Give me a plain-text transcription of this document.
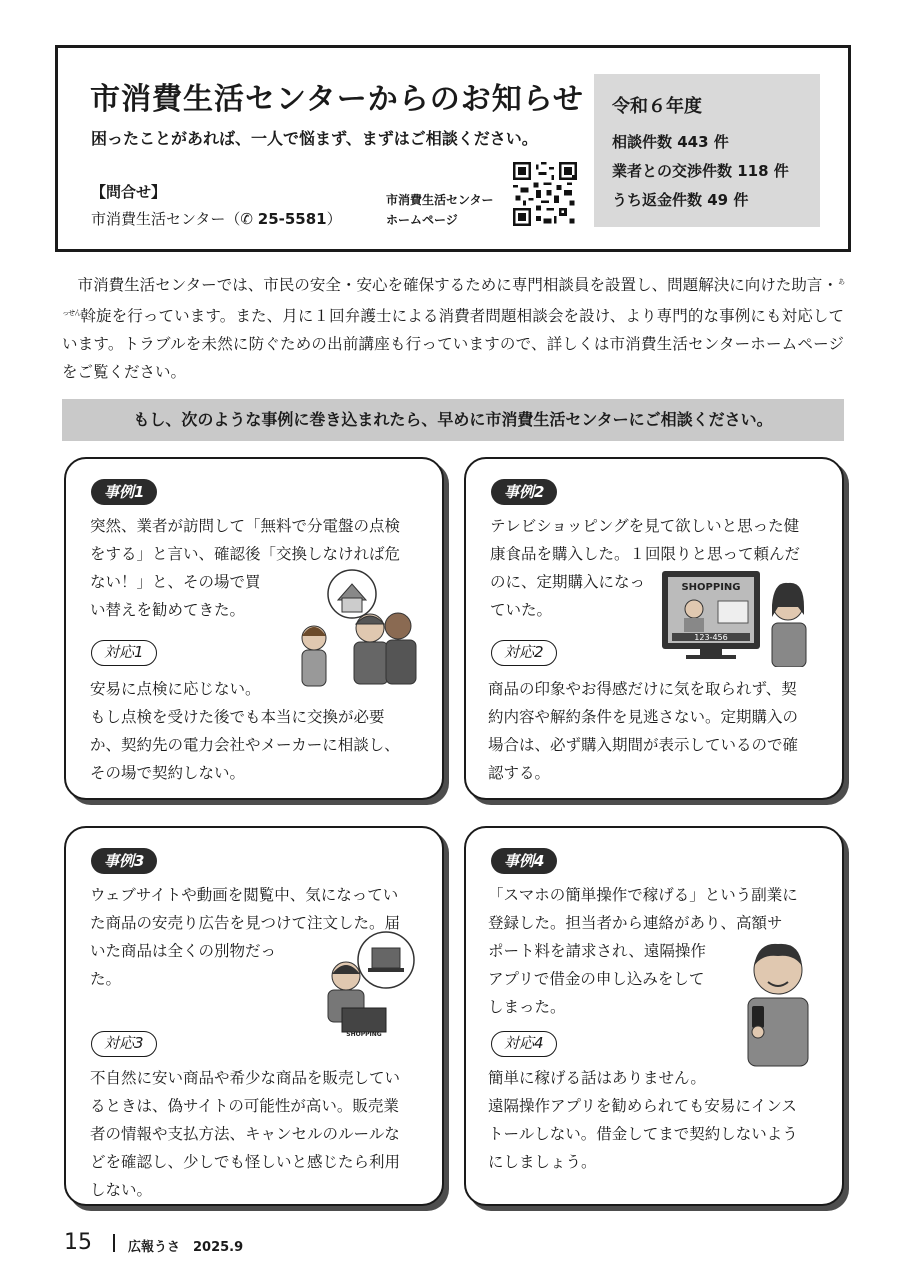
市消費生活センターからのお知らせ
困ったことがあれば、一人で悩まず、まずはご相談ください。
【問合せ】
市消費生活センター（✆ 25-5581）
市消費生活センター
ホームページ
令和６年度
相談件数 443 件
業者との交渉件数 118 件
うち返金件数 49 件
　市消費生活センターでは、市民の安全・安心を確保するために専門相談員を設置し、問題解決に向けた助言・$^{あっせん}$斡旋を行っています。また、月に１回弁護士による消費者問題相談会を設け、より専門的な事例にも対応しています。トラブルを未然に防ぐための出前講座も行っていますので、詳しくは市消費生活センターホームページをご覧ください。
もし、次のような事例に巻き込まれたら、早めに市消費生活センターにご相談ください。
事例1
突然、業者が訪問して「無料で分電盤の点検
をする」と言い、確認後「交換しなければ危
ない！」と、その場で買
い替えを勧めてきた。
対応1
安易に点検に応じない。
もし点検を受けた後でも本当に交換が必要
か、契約先の電力会社やメーカーに相談し、
その場で契約しない。
事例2
テレビショッピングを見て欲しいと思った健
康食品を購入した。１回限りと思って頼んだ
のに、定期購入になっ
ていた。
SHOPPING
123-456
対応2
商品の印象やお得感だけに気を取られず、契
約内容や解約条件を見逃さない。定期購入の
場合は、必ず購入期間が表示しているので確
認する。
事例3
ウェブサイトや動画を閲覧中、気になってい
た商品の安売り広告を見つけて注文した。届
いた商品は全くの別物だっ
た。
SHOPPING
対応3
不自然に安い商品や希少な商品を販売してい
るときは、偽サイトの可能性が高い。販売業
者の情報や支払方法、キャンセルのルールな
どを確認し、少しでも怪しいと感じたら利用
しない。
事例4
「スマホの簡単操作で稼げる」という副業に
登録した。担当者から連絡があり、高額サ
ポート料を請求され、遠隔操作
アプリで借金の申し込みをして
しまった。
対応4
簡単に稼げる話はありません。
遠隔操作アプリを勧められても安易にインス
トールしない。借金してまで契約しないよう
にしましょう。
15	広報うさ　2025.9
